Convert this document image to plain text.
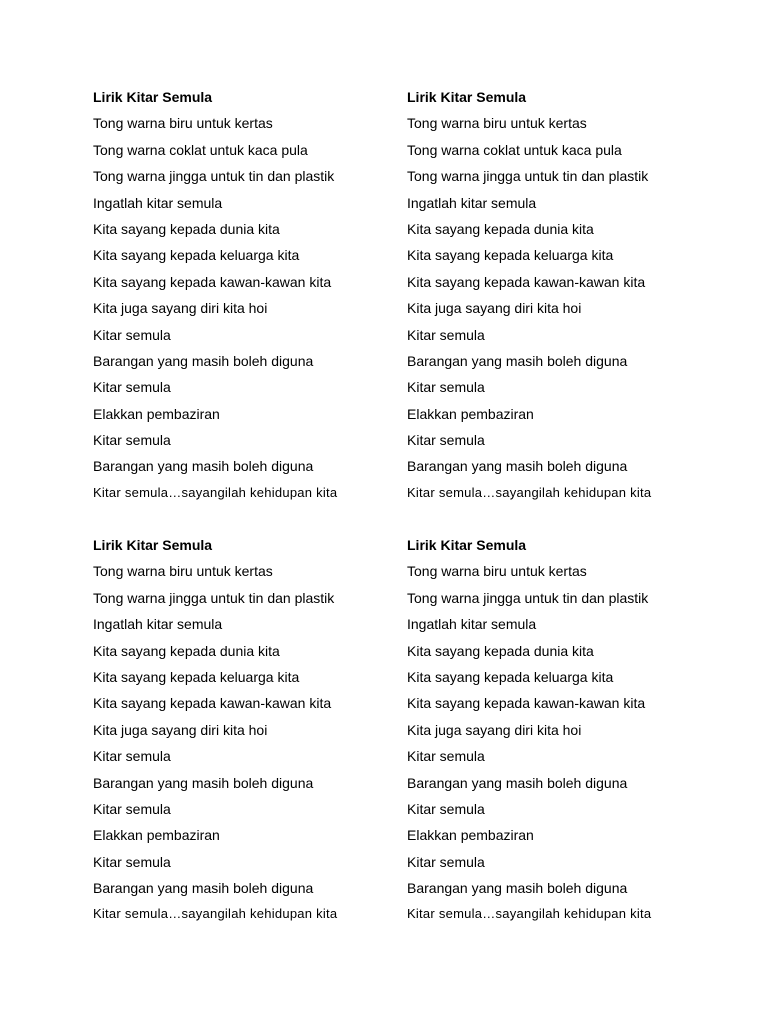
Lirik Kitar Semula
Tong warna biru untuk kertas
Tong warna coklat untuk kaca pula
Tong warna jingga untuk tin dan plastik
Ingatlah kitar semula
Kita sayang kepada dunia kita
Kita sayang kepada keluarga kita
Kita sayang kepada kawan-kawan kita
Kita juga sayang diri kita hoi
Kitar semula
Barangan yang masih boleh diguna
Kitar semula
Elakkan pembaziran
Kitar semula
Barangan yang masih boleh diguna
Kitar semula…sayangilah kehidupan kita
Lirik Kitar Semula
Tong warna biru untuk kertas
Tong warna coklat untuk kaca pula
Tong warna jingga untuk tin dan plastik
Ingatlah kitar semula
Kita sayang kepada dunia kita
Kita sayang kepada keluarga kita
Kita sayang kepada kawan-kawan kita
Kita juga sayang diri kita hoi
Kitar semula
Barangan yang masih boleh diguna
Kitar semula
Elakkan pembaziran
Kitar semula
Barangan yang masih boleh diguna
Kitar semula…sayangilah kehidupan kita
Lirik Kitar Semula
Tong warna biru untuk kertas
Tong warna jingga untuk tin dan plastik
Ingatlah kitar semula
Kita sayang kepada dunia kita
Kita sayang kepada keluarga kita
Kita sayang kepada kawan-kawan kita
Kita juga sayang diri kita hoi
Kitar semula
Barangan yang masih boleh diguna
Kitar semula
Elakkan pembaziran
Kitar semula
Barangan yang masih boleh diguna
Kitar semula…sayangilah kehidupan kita
Lirik Kitar Semula
Tong warna biru untuk kertas
Tong warna jingga untuk tin dan plastik
Ingatlah kitar semula
Kita sayang kepada dunia kita
Kita sayang kepada keluarga kita
Kita sayang kepada kawan-kawan kita
Kita juga sayang diri kita hoi
Kitar semula
Barangan yang masih boleh diguna
Kitar semula
Elakkan pembaziran
Kitar semula
Barangan yang masih boleh diguna
Kitar semula…sayangilah kehidupan kita
